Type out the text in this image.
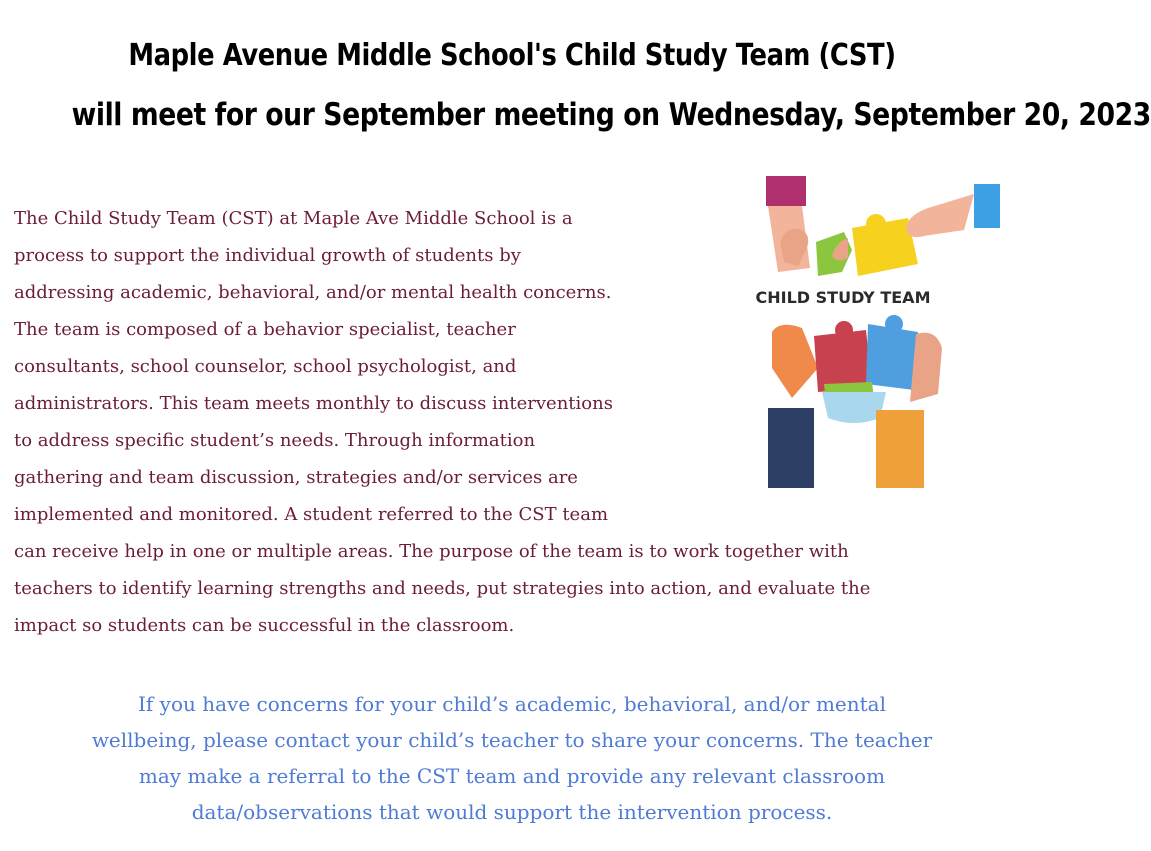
Maple Avenue Middle School's Child Study Team (CST)
will meet for our September meeting on Wednesday, September 20, 2023
The Child Study Team (CST) at Maple Ave Middle School is a
process to support the individual growth of students by
addressing academic, behavioral, and/or mental health concerns.
The team is composed of a behavior specialist, teacher
consultants, school counselor, school psychologist, and
administrators. This team meets monthly to discuss interventions
to address specific student’s needs. Through information
gathering and team discussion, strategies and/or services are
implemented and monitored. A student referred to the CST team
can receive help in one or multiple areas. The purpose of the team is to work together with
teachers to identify learning strengths and needs, put strategies into action, and evaluate the
impact so students can be successful in the classroom.
CHILD STUDY TEAM
If you have concerns for your child’s academic, behavioral, and/or mental
wellbeing, please contact your child’s teacher to share your concerns. The teacher
may make a referral to the CST team and provide any relevant classroom
data/observations that would support the intervention process.
